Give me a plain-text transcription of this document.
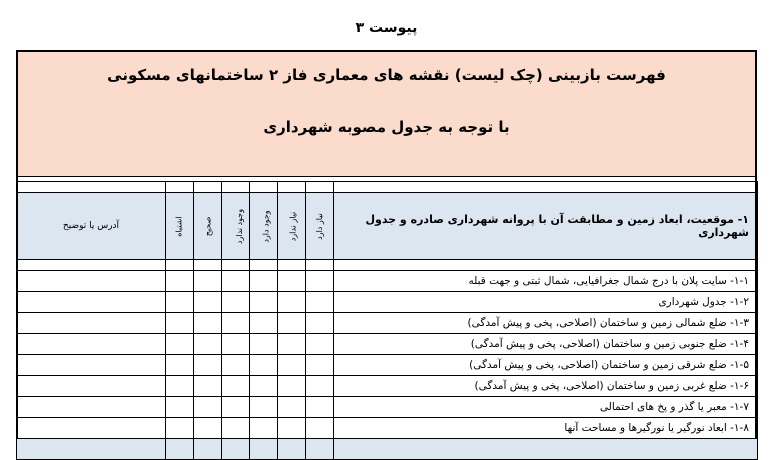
پیوست ۳
فهرست بازبینی (چک لیست) نقشه های معماری فاز ۲ ساختمانهای مسکونی
با توجه به جدول مصوبه شهرداری

آدرس یا توضیح	اشتباه	صحیح	وجود ندارد	وجود دارد	نیاز ندارد	نیاز دارد	۱- موقعیت، ابعاد زمین و مطابقت آن با پروانه شهرداری صادره و جدول شهرداری

							۱-۱- سایت پلان با درج شمال جغرافیایی، شمال ثبتی و جهت قبله
							۱-۲- جدول شهرداری
							۱-۳- ضلع شمالی زمین و ساختمان (اصلاحی، پخی و پیش آمدگی)
							۱-۴- ضلع جنوبی زمین و ساختمان (اصلاحی، پخی و پیش آمدگی)
							۱-۵- ضلع شرقی زمین و ساختمان (اصلاحی، پخی و پیش آمدگی)
							۱-۶- ضلع غربی زمین و ساختمان (اصلاحی، پخی و پیش آمدگی)
							۱-۷- معبر یا گذر و پخ های احتمالی
							۱-۸- ابعاد نورگیر یا نورگیرها و مساحت آنها
